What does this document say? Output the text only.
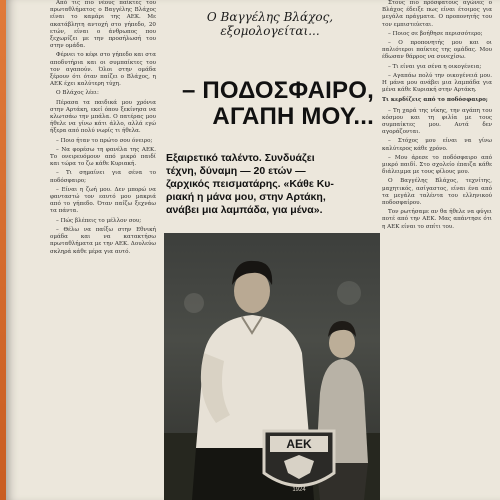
Από τις πιο νέους παίκτες του πρωταθλήματος ο Βαγγέλης Βλάχος είναι το καμάρι της ΑΕΚ. Με ακατάβλητη αντοχή στο γήπεδο, 20 ετών, είναι ο άνθρωπος που ξεχωρίζει με την προσήλωσή του στην ομάδα.

Φέρνει το κέφι στο γήπεδο και στα αποδυτήρια και οι συμπαίκτες του τον αγαπούν. Όλοι στην ομάδα ξέρουν ότι όταν παίζει ο Βλάχος, η ΑΕΚ έχει καλύτερη τύχη.

Ο Βλάχος λέει:

Πέρασα τα παιδικά μου χρόνια στην Αρτάκη, εκεί όπου ξεκίνησα να κλωτσάω την μπάλα. Ο πατέρας μου ήθελε να γίνω κάτι άλλο, αλλά εγώ ήξερα από πολύ νωρίς τι ήθελα.

– Ποιο ήταν το πρώτο σου όνειρο;

– Να φορέσω τη φανέλα της ΑΕΚ. Το ονειρευόμουν από μικρό παιδί και τώρα το ζω κάθε Κυριακή.

– Τι σημαίνει για σένα το ποδόσφαιρο;

– Είναι η ζωή μου. Δεν μπορώ να φανταστώ τον εαυτό μου μακριά από το γήπεδο. Όταν παίζω ξεχνάω τα πάντα.

– Πώς βλέπεις το μέλλον σου;

– Θέλω να παίξω στην Εθνική ομάδα και να κατακτήσω πρωταθλήματα με την ΑΕΚ. Δουλεύω σκληρά κάθε μέρα για αυτό.

Ο Βαγγέλης Βλάχος,
εξομολογείται...
– ΠΟΔΟΣΦΑΙΡΟ,
ΑΓΑΠΗ ΜΟΥ...
Εξαιρετικό ταλέντο. Συνδυάζει
τέχνη, δύναμη — 20 ετών —
ζαρχικός πεισματάρης. «Κάθε Κυ-
ριακή η μάνα μου, στην Αρτάκη,
ανάβει μια λαμπάδα, για μένα».
ΑΕΚ
1924

Στους πιο πρόσφατους αγώνες ο Βλάχος έδειξε πως είναι έτοιμος για μεγάλα πράγματα. Ο προπονητής του τον εμπιστεύεται.

– Ποιος σε βοήθησε περισσότερο;

– Ο προπονητής μου και οι παλιότεροι παίκτες της ομάδας. Μου έδωσαν θάρρος να συνεχίσω.

– Τι είναι για σένα η οικογένεια;

– Αγαπάω πολύ την οικογένειά μου. Η μάνα μου ανάβει μια λαμπάδα για μένα κάθε Κυριακή στην Αρτάκη.

Τι κερδίζεις από το ποδόσφαιρο;

– Τη χαρά της νίκης, την αγάπη του κόσμου και τη φιλία με τους συμπαίκτες μου. Αυτά δεν αγοράζονται.

– Στόχος μου είναι να γίνω καλύτερος κάθε χρόνο.

– Μου άρεσε το ποδόσφαιρο από μικρό παιδί. Στο σχολείο έπαιζα κάθε διάλειμμα με τους φίλους μου.

Ο Βαγγέλης Βλάχος, τεχνίτης, μαχητικός, ασίγαστος, είναι ένα από τα μεγάλα ταλέντα του ελληνικού ποδοσφαίρου.

Τον ρωτήσαμε αν θα ήθελε να φύγει ποτέ από την ΑΕΚ. Μας απάντησε ότι η ΑΕΚ είναι το σπίτι του.
